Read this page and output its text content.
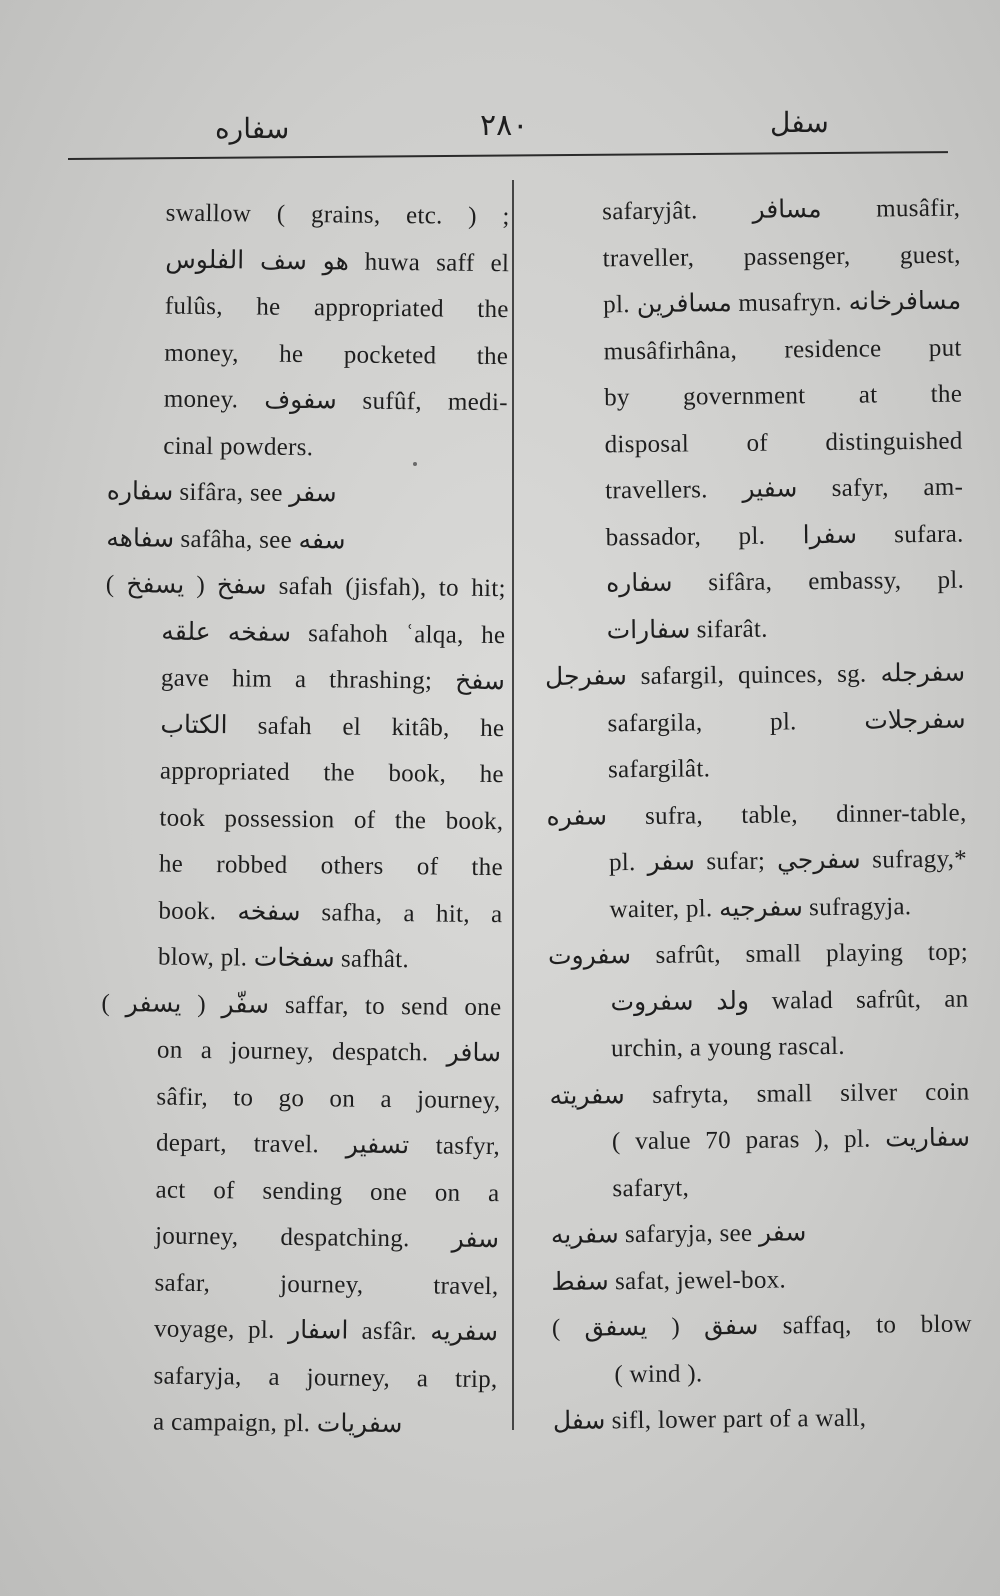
سفاره	۲۸۰	سفل
swallow ( grains, etc. ) ;
هو سف الفلوس huwa saff el
fulûs, he appropriated the
money, he pocketed the
money. سفوف sufûf, medi-
cinal powders.
سفاره sifâra, see سفر
سفاهه safâha, see سفه
سفخ ( يسفخ ) safah (jisfah), to hit;
سفخه علقه safahoh ʿalqa, he
gave him a thrashing; سفخ
الكتاب safah el kitâb, he
appropriated the book, he
took possession of the book,
he robbed others of the
book. سفخه safha, a hit, a
blow, pl. سفخات safhât.
سفّر ( يسفر ) saffar, to send one
on a journey, despatch. سافر
sâfir, to go on a journey,
depart, travel. تسفير tasfyr,
act of sending one on a
journey, despatching. سفر
safar, journey, travel,
voyage, pl. اسفار asfâr. سفريه
safaryja, a journey, a trip,
a campaign, pl. سفريات
safaryjât. مسافر musâfir,
traveller, passenger, guest,
pl. مسافرين musafryn. مسافرخانه
musâfirhâna, residence put
by government at the
disposal of distinguished
travellers. سفير safyr, am-
bassador, pl. سفرا sufara.
سفاره sifâra, embassy, pl.
سفارات sifarât.
سفرجل safargil, quinces, sg. سفرجله
safargila, pl. سفرجلات
safargilât.
سفره sufra, table, dinner-table,
pl. سفر sufar; سفرجي sufragy,*
waiter, pl. سفرجيه sufragyja.
سفروت safrût, small playing top;
ولد سفروت walad safrût, an
urchin, a young rascal.
سفريته safryta, small silver coin
( value 70 paras ), pl. سفاريت
safaryt,
سفريه safaryja, see سفر
سفط safat, jewel-box.
سفق ( يسفق ) saffaq, to blow
( wind ).
سفل sifl, lower part of a wall,
